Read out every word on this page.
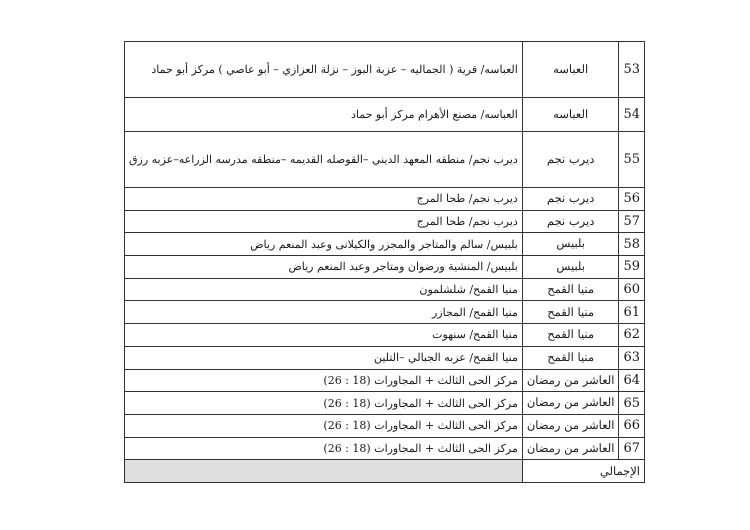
53	العباسه	العباسه/ قرية ( الجماليه – عزبة البوز – نزلة العزازي – أبو عاصي ) مركز أبو حماد
54	العباسه	العباسه/ مصنع الأهرام مركز أبو حماد
55	ديرب نجم	ديرب نجم/ منطقه المعهد الديني –القوصله القديمه –منطقه مدرسه الزراعه–عزبه رزق
56	ديرب نجم	ديرب نجم/ طحا المرج
57	ديرب نجم	ديرب نجم/ طحا المرج
58	بلبيس	بلبيس/ سالم والمتاجر والمجزر والكيلانى وعبد المنعم رياض
59	بلبيس	بلبيس/ المنشية ورضوان ومتاجر وعبد المنعم رياض
60	منيا القمح	منيا القمح/ شلشلمون
61	منيا القمح	منيا القمح/ المجازر
62	منيا القمح	منيا القمح/ سنهوت
63	منيا القمح	منيا القمح/ عزبه الجبالي –التلين
64	العاشر من رمضان	مركز الحى الثالث + المجاورات (18 : 26)
65	العاشر من رمضان	مركز الحى الثالث + المجاورات (18 : 26)
66	العاشر من رمضان	مركز الحى الثالث + المجاورات (18 : 26)
67	العاشر من رمضان	مركز الحى الثالث + المجاورات (18 : 26)
الإجمالي		
